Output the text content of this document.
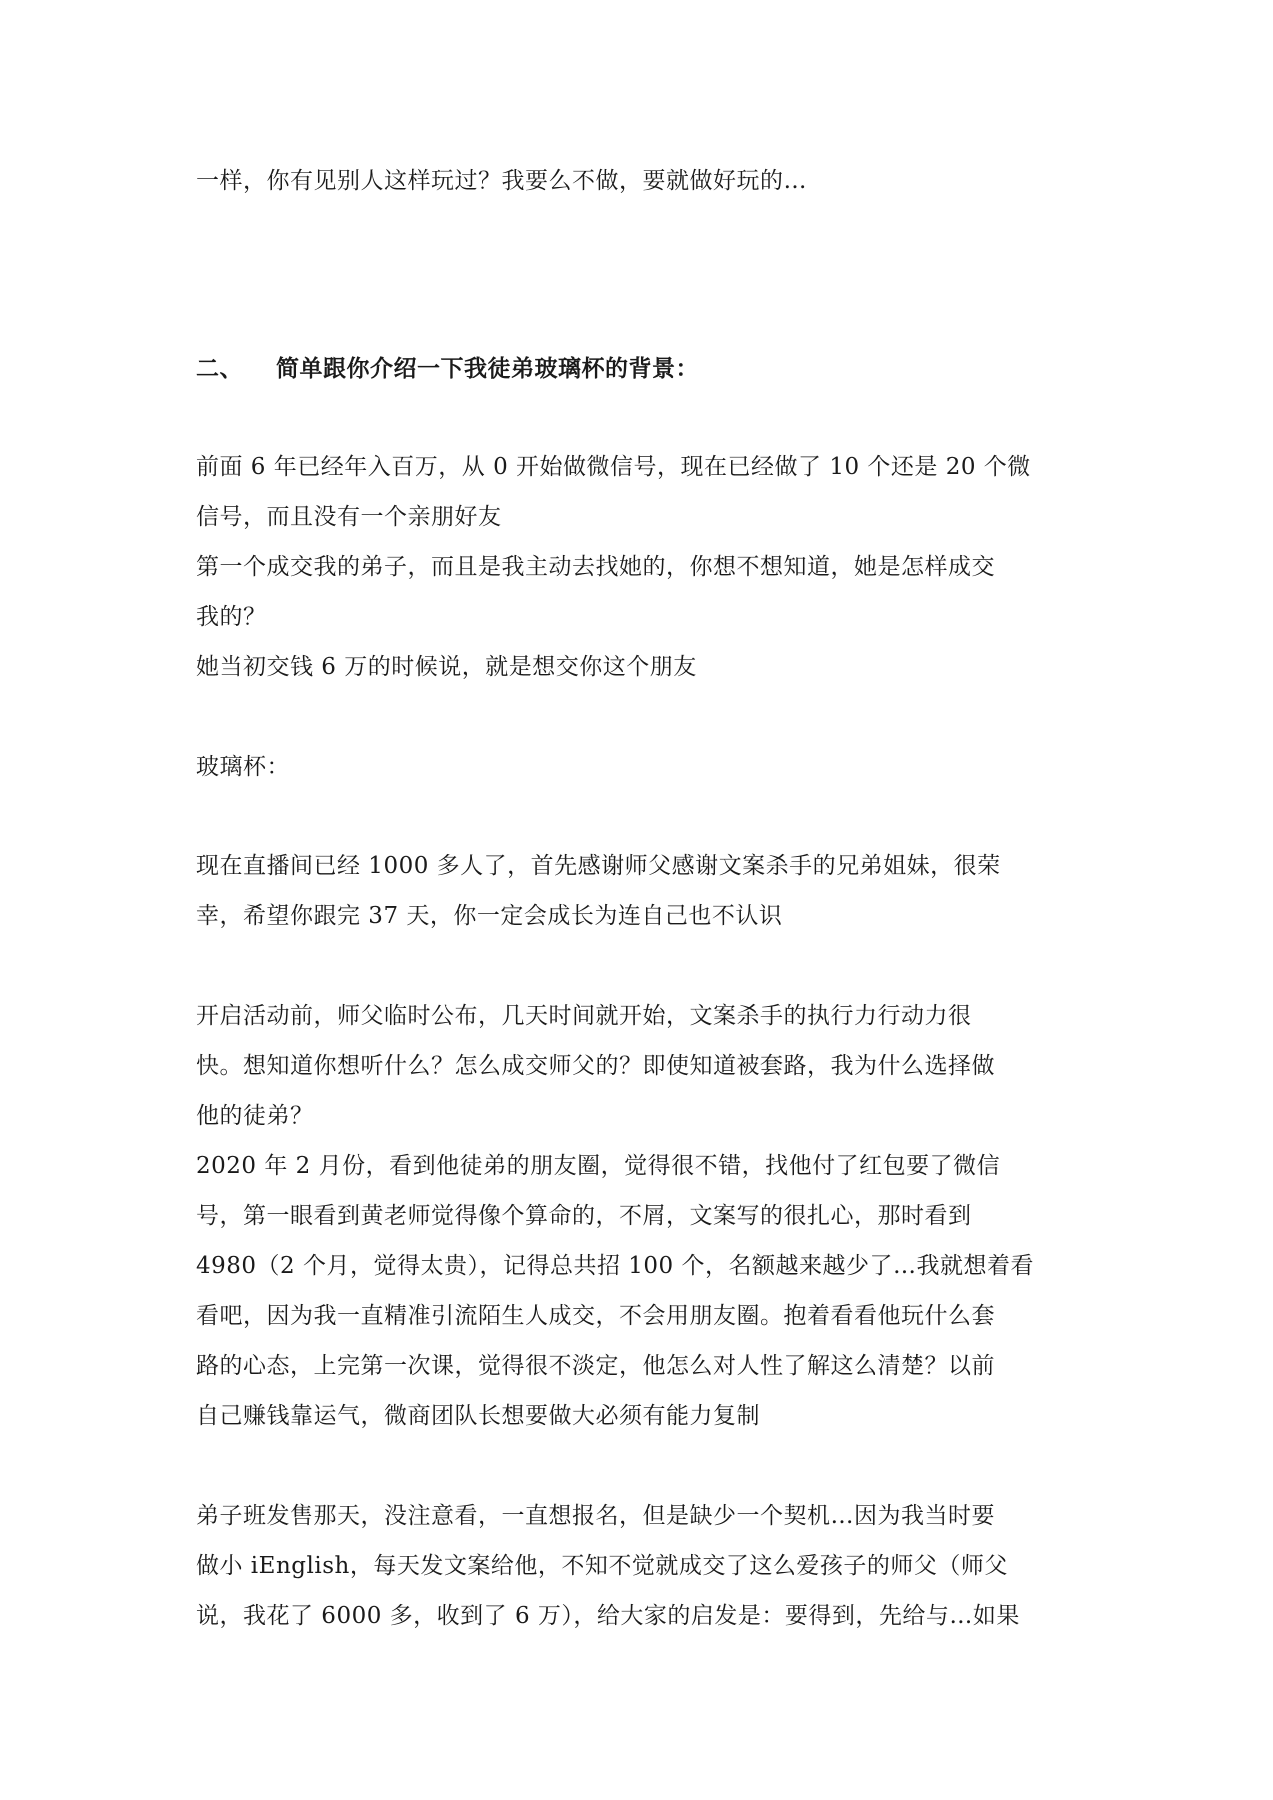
一样，你有见别人这样玩过？我要么不做，要就做好玩的…
二、 简单跟你介绍一下我徒弟玻璃杯的背景：
前面 6 年已经年入百万，从 0 开始做微信号，现在已经做了 10 个还是 20 个微
信号，而且没有一个亲朋好友
第一个成交我的弟子，而且是我主动去找她的，你想不想知道，她是怎样成交
我的？
她当初交钱 6 万的时候说，就是想交你这个朋友
玻璃杯：
现在直播间已经 1000 多人了，首先感谢师父感谢文案杀手的兄弟姐妹，很荣
幸，希望你跟完 37 天，你一定会成长为连自己也不认识
开启活动前，师父临时公布，几天时间就开始，文案杀手的执行力行动力很
快。想知道你想听什么？怎么成交师父的？即使知道被套路，我为什么选择做
他的徒弟？
2020 年 2 月份，看到他徒弟的朋友圈，觉得很不错，找他付了红包要了微信
号，第一眼看到黄老师觉得像个算命的，不屑，文案写的很扎心，那时看到
4980（2 个月，觉得太贵），记得总共招 100 个，名额越来越少了…我就想着看
看吧，因为我一直精准引流陌生人成交，不会用朋友圈。抱着看看他玩什么套
路的心态，上完第一次课，觉得很不淡定，他怎么对人性了解这么清楚？以前
自己赚钱靠运气，微商团队长想要做大必须有能力复制
弟子班发售那天，没注意看，一直想报名，但是缺少一个契机…因为我当时要
做小 iEnglish，每天发文案给他，不知不觉就成交了这么爱孩子的师父（师父
说，我花了 6000 多，收到了 6 万），给大家的启发是：要得到，先给与…如果
